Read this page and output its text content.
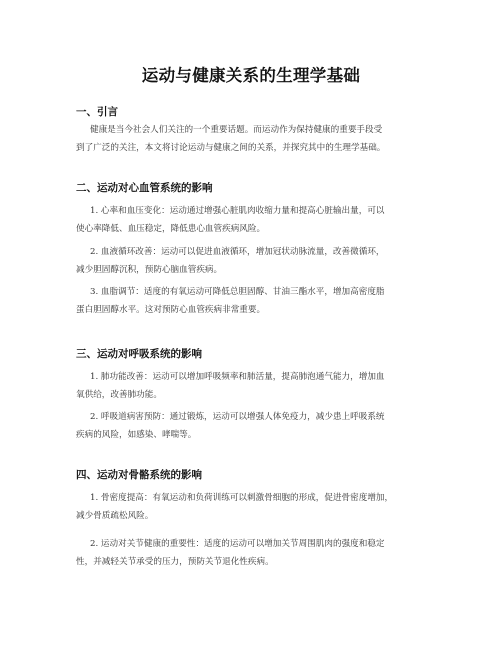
运动与健康关系的生理学基础
一、引言
健康是当今社会人们关注的一个重要话题。而运动作为保持健康的重要手段受
到了广泛的关注，本文将讨论运动与健康之间的关系，并探究其中的生理学基础。
二、运动对心血管系统的影响
1. 心率和血压变化：运动通过增强心脏肌肉收缩力量和提高心脏输出量，可以
使心率降低、血压稳定，降低患心血管疾病风险。
2. 血液循环改善：运动可以促进血液循环，增加冠状动脉流量，改善微循环，
减少胆固醇沉积，预防心脑血管疾病。
3. 血脂调节：适度的有氧运动可降低总胆固醇、甘油三酯水平，增加高密度脂
蛋白胆固醇水平。这对预防心血管疾病非常重要。
三、运动对呼吸系统的影响
1. 肺功能改善：运动可以增加呼吸频率和肺活量，提高肺泡通气能力，增加血
氧供给，改善肺功能。
2. 呼吸道病害预防：通过锻炼，运动可以增强人体免疫力，减少患上呼吸系统
疾病的风险，如感染、哮喘等。
四、运动对骨骼系统的影响
1. 骨密度提高：有氧运动和负荷训练可以刺激骨细胞的形成，促进骨密度增加，
减少骨质疏松风险。
2. 运动对关节健康的重要性：适度的运动可以增加关节周围肌肉的强度和稳定
性，并减轻关节承受的压力，预防关节退化性疾病。
